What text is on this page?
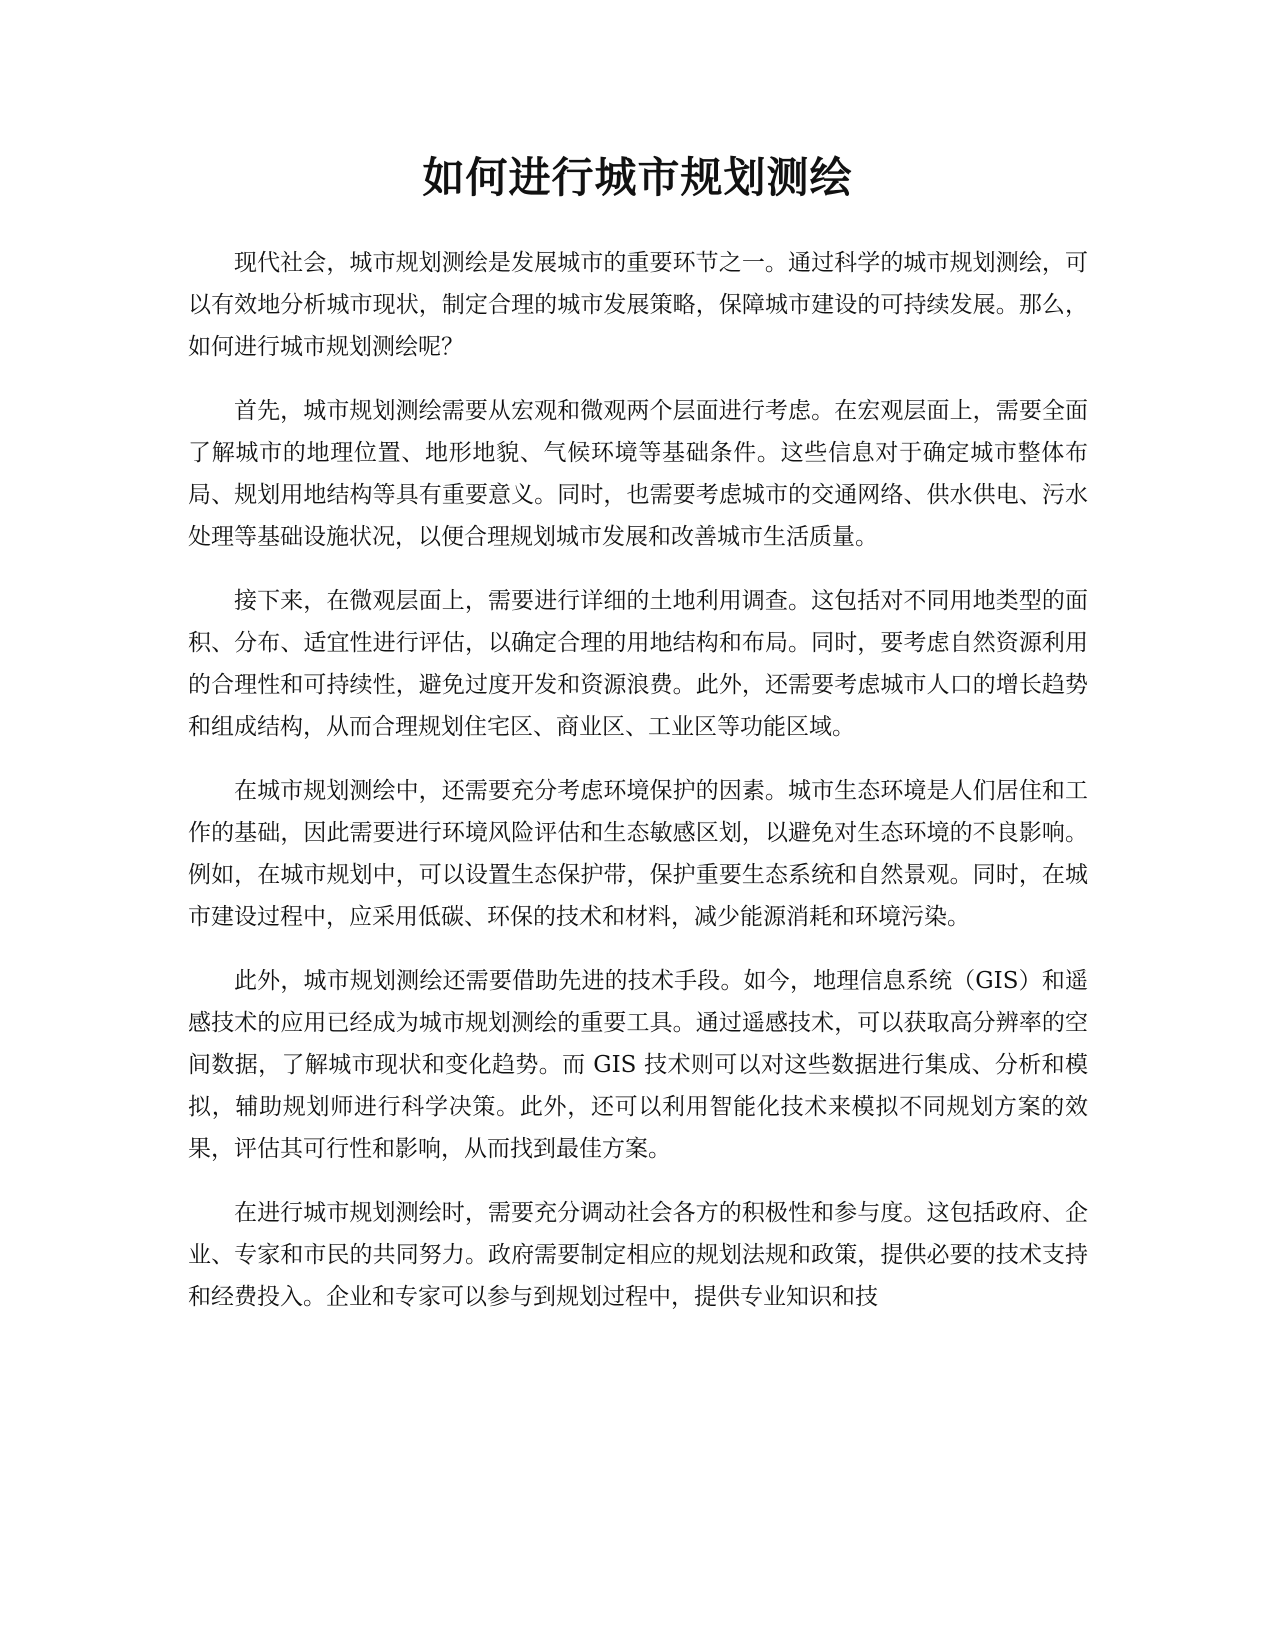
如何进行城市规划测绘

现代社会，城市规划测绘是发展城市的重要环节之一。通过科学的城市规划测绘，可以有效地分析城市现状，制定合理的城市发展策略，保障城市建设的可持续发展。那么，如何进行城市规划测绘呢？

首先，城市规划测绘需要从宏观和微观两个层面进行考虑。在宏观层面上，需要全面了解城市的地理位置、地形地貌、气候环境等基础条件。这些信息对于确定城市整体布局、规划用地结构等具有重要意义。同时，也需要考虑城市的交通网络、供水供电、污水处理等基础设施状况，以便合理规划城市发展和改善城市生活质量。

接下来，在微观层面上，需要进行详细的土地利用调查。这包括对不同用地类型的面积、分布、适宜性进行评估，以确定合理的用地结构和布局。同时，要考虑自然资源利用的合理性和可持续性，避免过度开发和资源浪费。此外，还需要考虑城市人口的增长趋势和组成结构，从而合理规划住宅区、商业区、工业区等功能区域。

在城市规划测绘中，还需要充分考虑环境保护的因素。城市生态环境是人们居住和工作的基础，因此需要进行环境风险评估和生态敏感区划，以避免对生态环境的不良影响。例如，在城市规划中，可以设置生态保护带，保护重要生态系统和自然景观。同时，在城市建设过程中，应采用低碳、环保的技术和材料，减少能源消耗和环境污染。

此外，城市规划测绘还需要借助先进的技术手段。如今，地理信息系统（GIS）和遥感技术的应用已经成为城市规划测绘的重要工具。通过遥感技术，可以获取高分辨率的空间数据，了解城市现状和变化趋势。而 GIS 技术则可以对这些数据进行集成、分析和模拟，辅助规划师进行科学决策。此外，还可以利用智能化技术来模拟不同规划方案的效果，评估其可行性和影响，从而找到最佳方案。

在进行城市规划测绘时，需要充分调动社会各方的积极性和参与度。这包括政府、企业、专家和市民的共同努力。政府需要制定相应的规划法规和政策，提供必要的技术支持和经费投入。企业和专家可以参与到规划过程中，提供专业知识和技
